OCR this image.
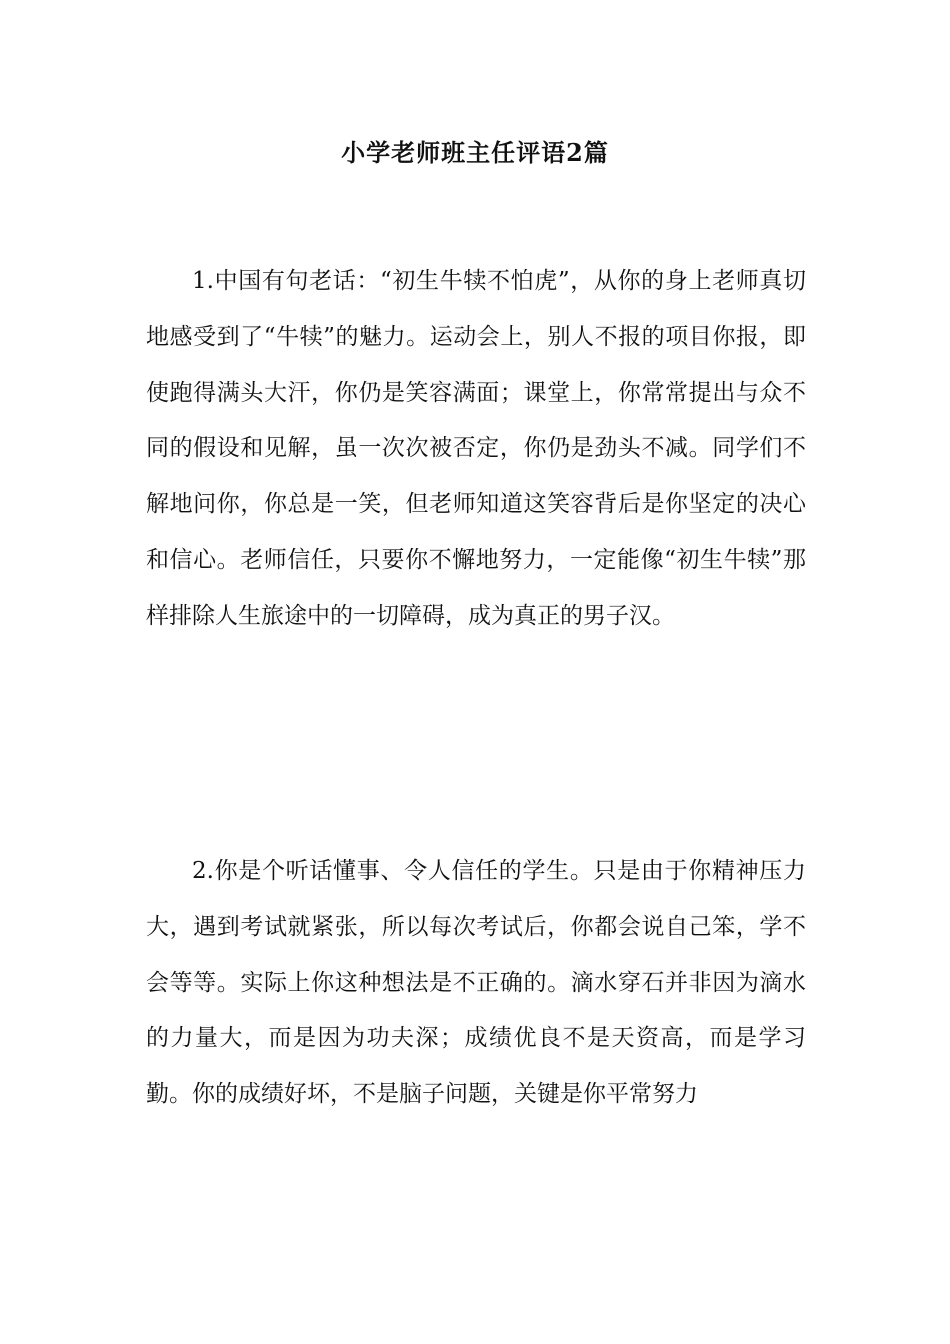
小学老师班主任评语2篇

1.中国有句老话：“初生牛犊不怕虎”，从你的身上老师真切地感受到了“牛犊”的魅力。运动会上，别人不报的项目你报，即使跑得满头大汗，你仍是笑容满面；课堂上，你常常提出与众不同的假设和见解，虽一次次被否定，你仍是劲头不减。同学们不解地问你，你总是一笑，但老师知道这笑容背后是你坚定的决心和信心。老师信任，只要你不懈地努力，一定能像“初生牛犊”那样排除人生旅途中的一切障碍，成为真正的男子汉。

2.你是个听话懂事、令人信任的学生。只是由于你精神压力大，遇到考试就紧张，所以每次考试后，你都会说自己笨，学不会等等。实际上你这种想法是不正确的。滴水穿石并非因为滴水的力量大，而是因为功夫深；成绩优良不是天资高，而是学习勤。你的成绩好坏，不是脑子问题，关键是你平常努力
